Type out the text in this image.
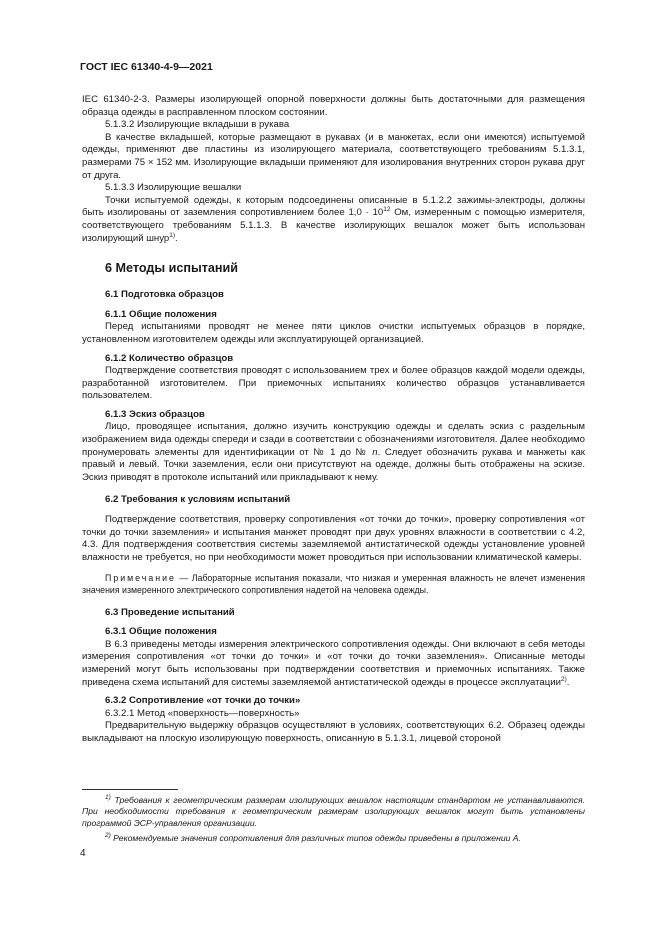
ГОСТ IEC 61340-4-9—2021

IEC 61340-2-3. Размеры изолирующей опорной поверхности должны быть достаточными для размещения образца одежды в расправленном плоском состоянии.

5.1.3.2 Изолирующие вкладыши в рукава

В качестве вкладышей, которые размещают в рукавах (и в манжетах, если они имеются) испытуемой одежды, применяют две пластины из изолирующего материала, соответствующего требованиям 5.1.3.1, размерами 75 × 152 мм. Изолирующие вкладыши применяют для изолирования внутренних сторон рукава друг от друга.

5.1.3.3 Изолирующие вешалки

Точки испытуемой одежды, к которым подсоединены описанные в 5.1.2.2 зажимы-электроды, должны быть изолированы от заземления сопротивлением более $1,0 \cdot 10^{12}$ Ом, измеренным с помощью измерителя, соответствующего требованиям 5.1.1.3. В качестве изолирующих вешалок может быть использован изолирующий шнур$^{1)}$.

6 Методы испытаний
6.1 Подготовка образцов
6.1.1 Общие положения

Перед испытаниями проводят не менее пяти циклов очистки испытуемых образцов в порядке, установленном изготовителем одежды или эксплуатирующей организацией.

6.1.2 Количество образцов

Подтверждение соответствия проводят с использованием трех и более образцов каждой модели одежды, разработанной изготовителем. При приемочных испытаниях количество образцов устанавливается пользователем.

6.1.3 Эскиз образцов

Лицо, проводящее испытания, должно изучить конструкцию одежды и сделать эскиз с раздельным изображением вида одежды спереди и сзади в соответствии с обозначениями изготовителя. Далее необходимо пронумеровать элементы для идентификации от № 1 до № n. Следует обозначить рукава и манжеты как правый и левый. Точки заземления, если они присутствуют на одежде, должны быть отображены на эскизе. Эскиз приводят в протоколе испытаний или прикладывают к нему.

6.2 Требования к условиям испытаний

Подтверждение соответствия, проверку сопротивления «от точки до точки», проверку сопротивления «от точки до точки заземления» и испытания манжет проводят при двух уровнях влажности в соответствии с 4.2, 4.3. Для подтверждения соответствия системы заземляемой антистатической одежды установление уровней влажности не требуется, но при необходимости может проводиться при использовании климатической камеры.

Примечание — Лабораторные испытания показали, что низкая и умеренная влажность не влечет изменения значения измеренного электрического сопротивления надетой на человека одежды.

6.3 Проведение испытаний
6.3.1 Общие положения

В 6.3 приведены методы измерения электрического сопротивления одежды. Они включают в себя методы измерения сопротивления «от точки до точки» и «от точки до точки заземления». Описанные методы измерений могут быть использованы при подтверждении соответствия и приемочных испытаниях. Также приведена схема испытаний для системы заземляемой антистатической одежды в процессе эксплуатации$^{2)}$.

6.3.2 Сопротивление «от точки до точки»

6.3.2.1 Метод «поверхность—поверхность»

Предварительную выдержку образцов осуществляют в условиях, соответствующих 6.2. Образец одежды выкладывают на плоскую изолирующую поверхность, описанную в 5.1.3.1, лицевой стороной

$^{1)}$ Требования к геометрическим размерам изолирующих вешалок настоящим стандартом не устанавливаются. При необходимости требования к геометрическим размерам изолирующих вешалок могут быть установлены программой ЭСР-управления организации.

$^{2)}$ Рекомендуемые значения сопротивления для различных типов одежды приведены в приложении А.

4
